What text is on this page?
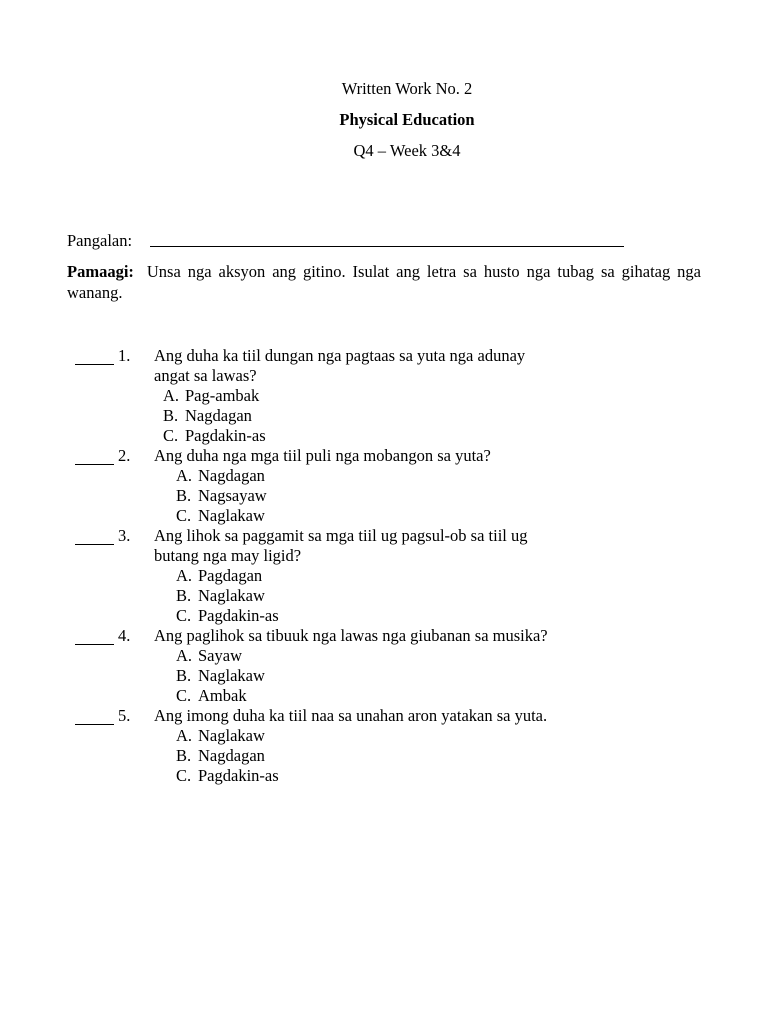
Written Work No. 2
Physical Education
Q4 – Week 3&4
Pangalan:
Pamaagi: Unsa nga aksyon ang gitino. Isulat ang letra sa husto nga tubag sa gihatag nga wanang.
1. Ang duha ka tiil dungan nga pagtaas sa yuta nga adunay
angat sa lawas?
A. Pag-ambak
B. Nagdagan
C. Pagdakin-as
2. Ang duha nga mga tiil puli nga mobangon sa yuta?
A. Nagdagan
B. Nagsayaw
C. Naglakaw
3. Ang lihok sa paggamit sa mga tiil ug pagsul-ob sa tiil ug
butang nga may ligid?
A. Pagdagan
B. Naglakaw
C. Pagdakin-as
4. Ang paglihok sa tibuuk nga lawas nga giubanan sa musika?
A. Sayaw
B. Naglakaw
C. Ambak
5. Ang imong duha ka tiil naa sa unahan aron yatakan sa yuta.
A. Naglakaw
B. Nagdagan
C. Pagdakin-as
